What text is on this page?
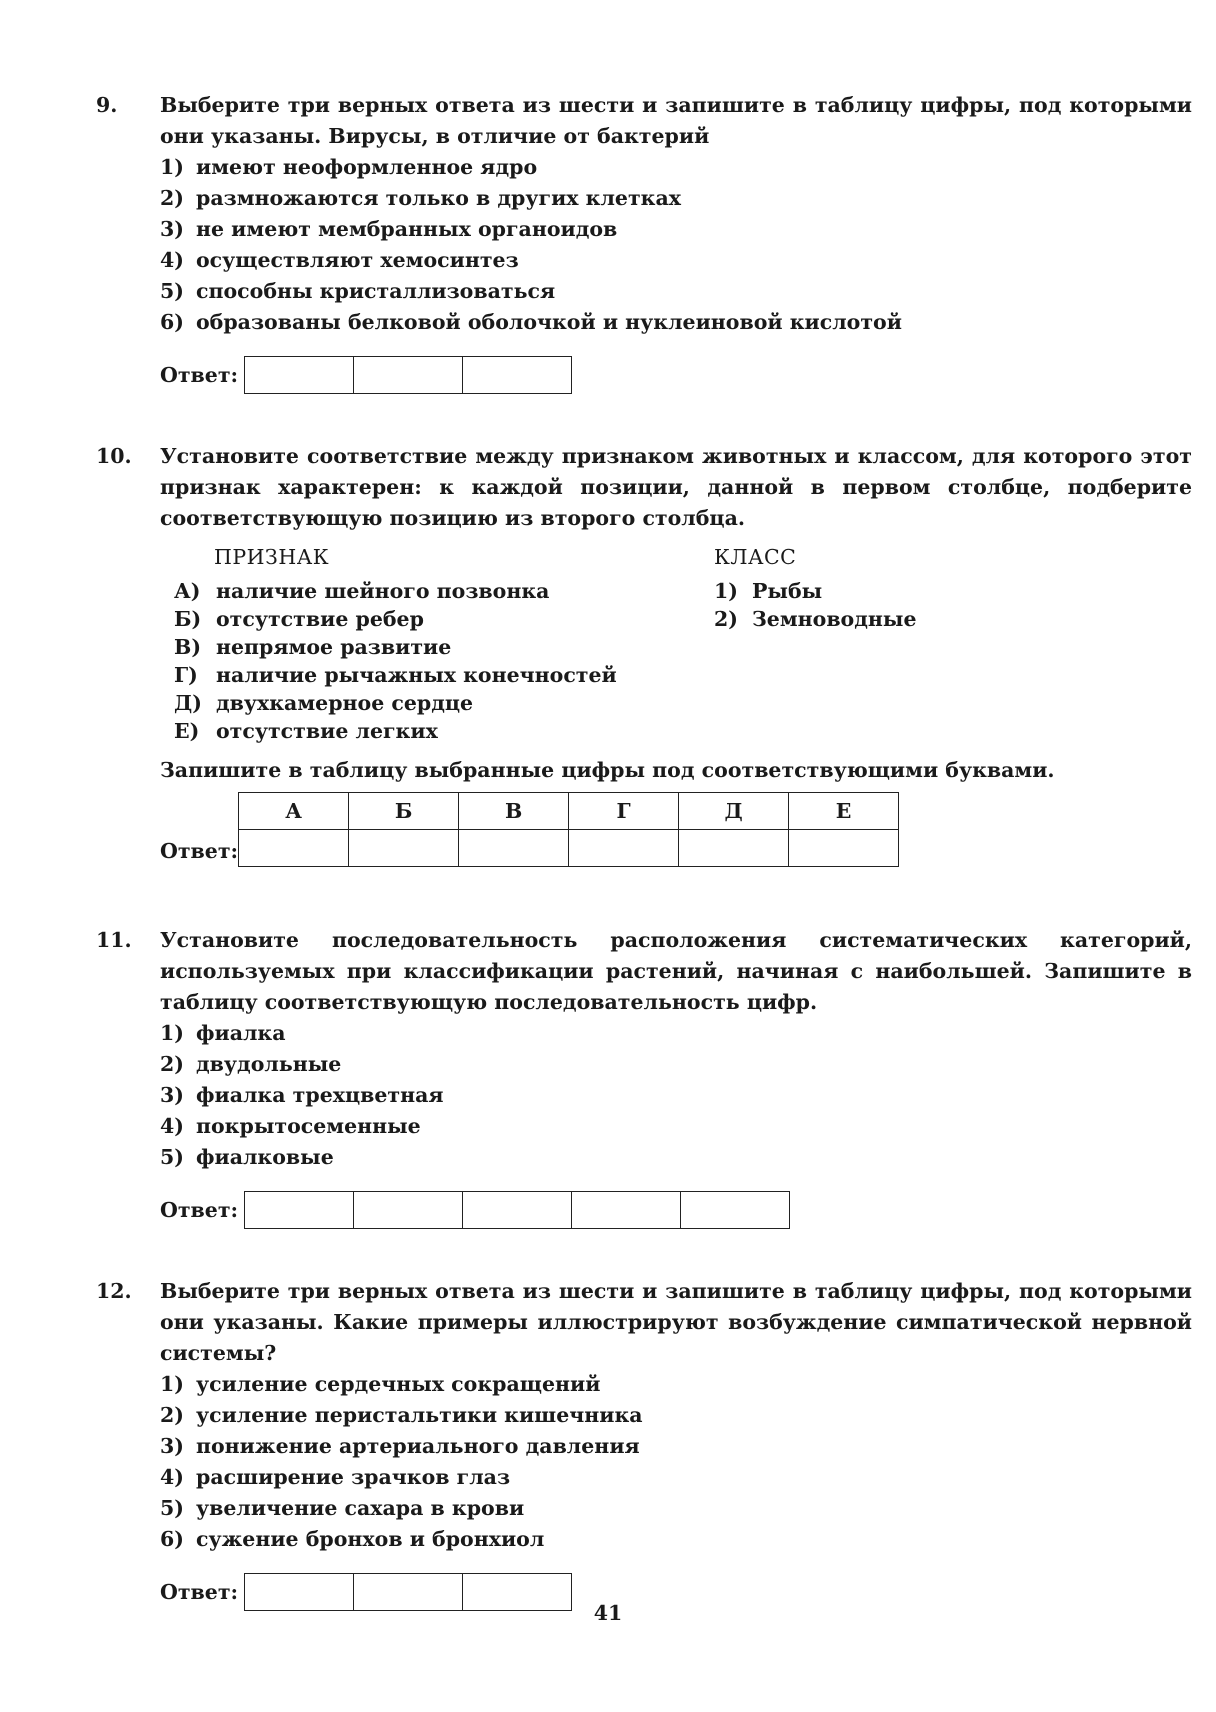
9. Выберите три верных ответа из шести и запишите в таблицу цифры, под которыми они указаны. Вирусы, в отличие от бактерий
1) имеют неоформленное ядро
2) размножаются только в других клетках
3) не имеют мембранных органоидов
4) осуществляют хемосинтез
5) способны кристаллизоваться
6) образованы белковой оболочкой и нуклеиновой кислотой
Ответ:
10. Установите соответствие между признаком животных и классом, для которого этот признак характерен: к каждой позиции, данной в первом столбце, подберите соответствующую позицию из второго столбца.
ПРИЗНАК
А) наличие шейного позвонка
Б) отсутствие ребер
В) непрямое развитие
Г) наличие рычажных конечностей
Д) двухкамерное сердце
Е) отсутствие легких
КЛАСС
1) Рыбы
2) Земноводные
Запишите в таблицу выбранные цифры под соответствующими буквами.
	А	Б	В	Г	Д	Е
Ответ:						
11. Установите последовательность расположения систематических категорий, используемых при классификации растений, начиная с наибольшей. Запишите в таблицу соответствующую последовательность цифр.
1) фиалка
2) двудольные
3) фиалка трехцветная
4) покрытосеменные
5) фиалковые
Ответ:
12. Выберите три верных ответа из шести и запишите в таблицу цифры, под которыми они указаны. Какие примеры иллюстрируют возбуждение симпатической нервной системы?
1) усиление сердечных сокращений
2) усиление перистальтики кишечника
3) понижение артериального давления
4) расширение зрачков глаз
5) увеличение сахара в крови
6) сужение бронхов и бронхиол
Ответ:
41
